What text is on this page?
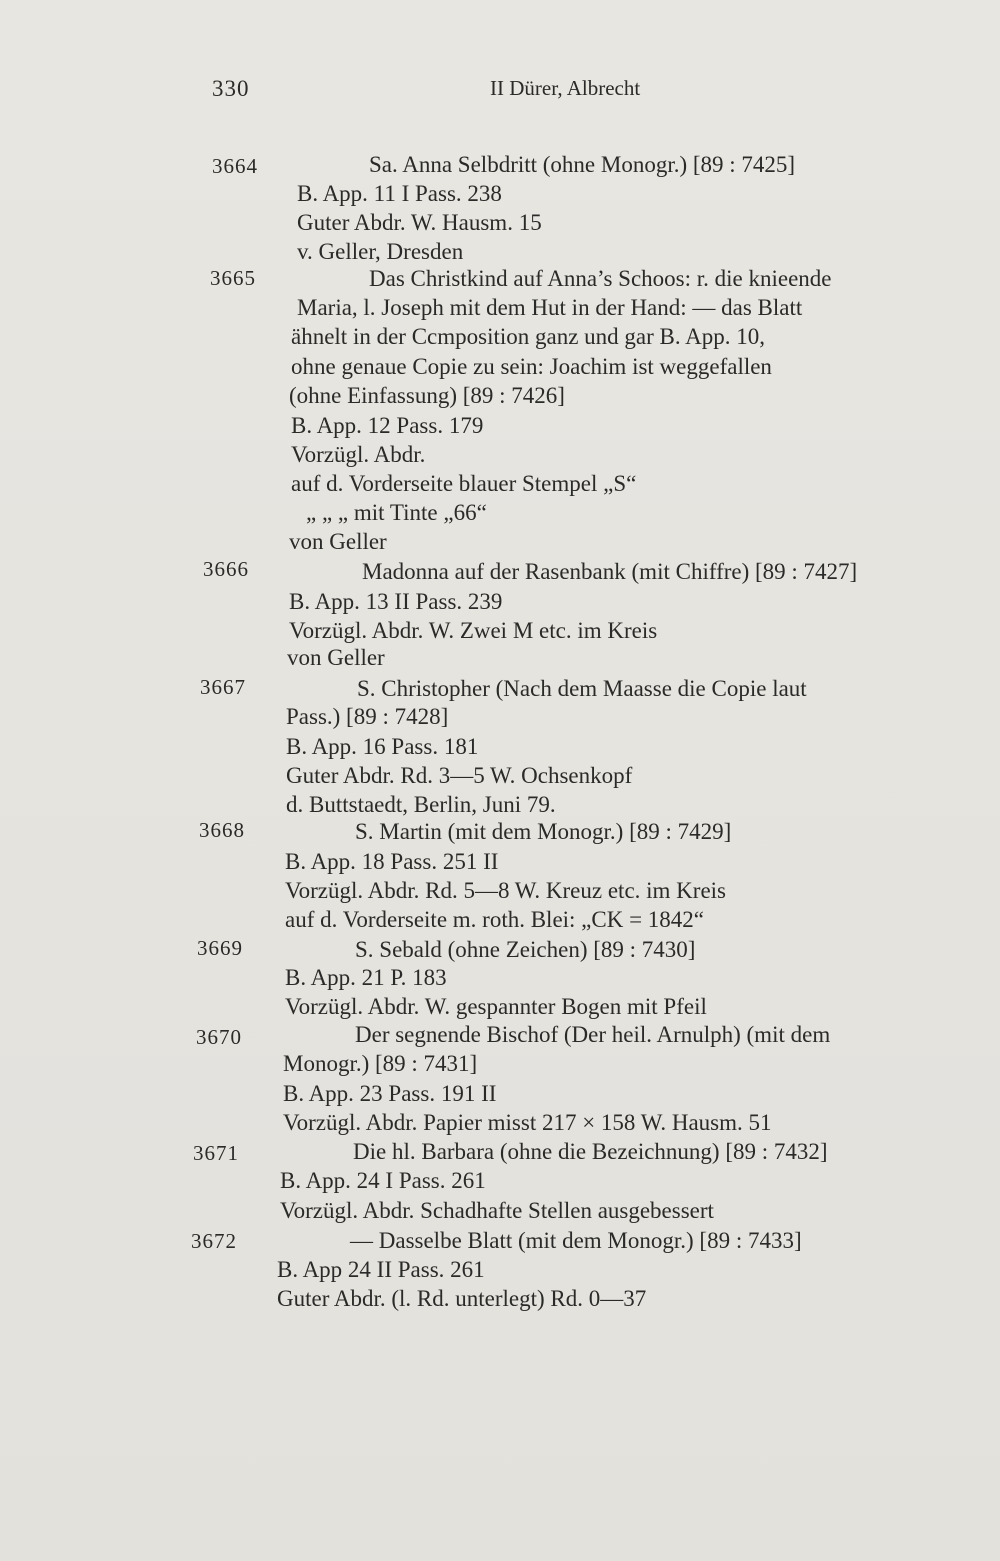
330	II Dürer, Albrecht
3664	Sa. Anna Selbdritt (ohne Monogr.) [89 : 7425]
B. App. 11 I Pass. 238
Guter Abdr. W. Hausm. 15
v. Geller, Dresden
3665	Das Christkind auf Anna’s Schoos: r. die knieende
Maria, l. Joseph mit dem Hut in der Hand: — das Blatt
ähnelt in der Ccmposition ganz und gar B. App. 10,
ohne genaue Copie zu sein: Joachim ist weggefallen
(ohne Einfassung) [89 : 7426]
B. App. 12 Pass. 179
Vorzügl. Abdr.
auf d. Vorderseite blauer Stempel „S“
„ „ „ mit Tinte „66“
von Geller
3666	Madonna auf der Rasenbank (mit Chiffre) [89 : 7427]
B. App. 13 II Pass. 239
Vorzügl. Abdr. W. Zwei M etc. im Kreis
von Geller
3667	S. Christopher (Nach dem Maasse die Copie laut
Pass.) [89 : 7428]
B. App. 16 Pass. 181
Guter Abdr. Rd. 3—5 W. Ochsenkopf
d. Buttstaedt, Berlin, Juni 79.
3668	S. Martin (mit dem Monogr.) [89 : 7429]
B. App. 18 Pass. 251 II
Vorzügl. Abdr. Rd. 5—8 W. Kreuz etc. im Kreis
auf d. Vorderseite m. roth. Blei: „CK = 1842“
3669	S. Sebald (ohne Zeichen) [89 : 7430]
B. App. 21 P. 183
Vorzügl. Abdr. W. gespannter Bogen mit Pfeil
3670	Der segnende Bischof (Der heil. Arnulph) (mit dem
Monogr.) [89 : 7431]
B. App. 23 Pass. 191 II
Vorzügl. Abdr. Papier misst 217 × 158 W. Hausm. 51
3671	Die hl. Barbara (ohne die Bezeichnung) [89 : 7432]
B. App. 24 I Pass. 261
Vorzügl. Abdr. Schadhafte Stellen ausgebessert
3672	— Dasselbe Blatt (mit dem Monogr.) [89 : 7433]
B. App 24 II Pass. 261
Guter Abdr. (l. Rd. unterlegt) Rd. 0—37
